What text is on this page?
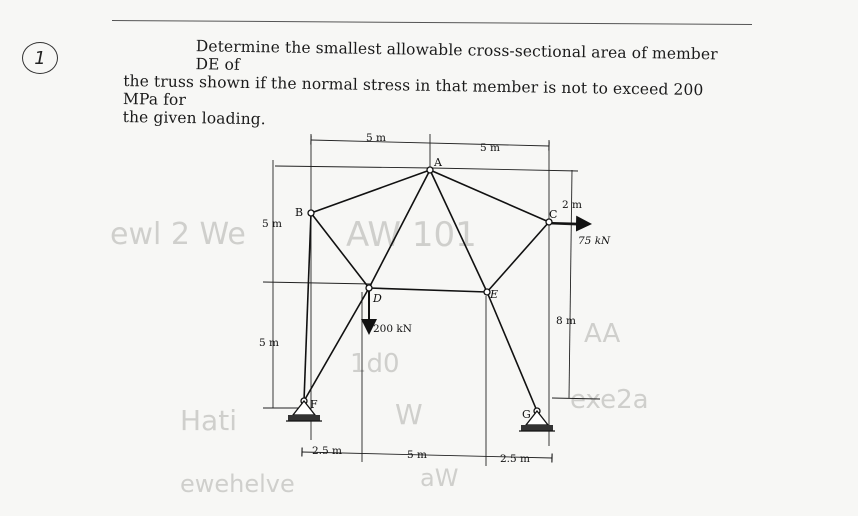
1	Determine the smallest allowable cross-sectional area of member DE of
the truss shown if the normal stress in that member is not to exceed 200 MPa for
the given loading.
ewl 2 We	AW 101
1d0
AA
Hati	W
ewehelve	aW
exe2a
A
B	C
D	E
F
G
5 m
5 m
5 m
5 m
2 m
8 m
2.5 m	5 m	2.5 m
200 kN
75 kN
